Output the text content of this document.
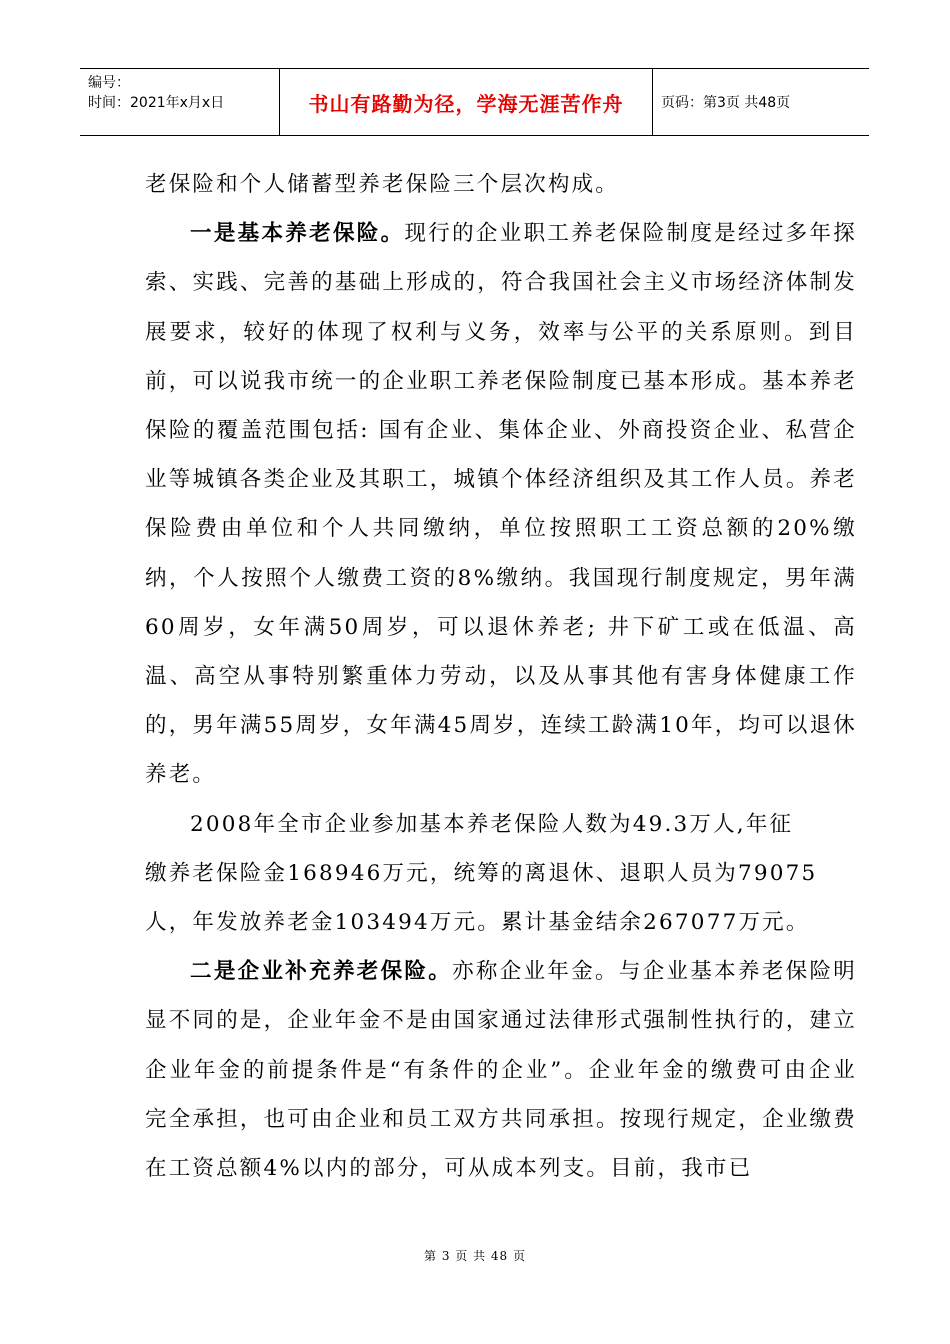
编号：
时间：2021年x月x日	书山有路勤为径，学海无涯苦作舟	页码：第3页 共48页

老保险和个人储蓄型养老保险三个层次构成。

一是基本养老保险。现行的企业职工养老保险制度是经过多年探索、实践、完善的基础上形成的，符合我国社会主义市场经济体制发展要求，较好的体现了权利与义务，效率与公平的关系原则。到目前，可以说我市统一的企业职工养老保险制度已基本形成。基本养老保险的覆盖范围包括: 国有企业、集体企业、外商投资企业、私营企业等城镇各类企业及其职工，城镇个体经济组织及其工作人员。养老保险费由单位和个人共同缴纳，单位按照职工工资总额的20%缴纳，个人按照个人缴费工资的8%缴纳。我国现行制度规定，男年满60周岁，女年满50周岁，可以退休养老; 井下矿工或在低温、高温、高空从事特别繁重体力劳动，以及从事其他有害身体健康工作的，男年满55周岁，女年满45周岁，连续工龄满10年，均可以退休养老。

2008年全市企业参加基本养老保险人数为49.3万人,年征

缴养老保险金168946万元，统筹的离退休、退职人员为79075

人，年发放养老金103494万元。累计基金结余267077万元。

二是企业补充养老保险。亦称企业年金。与企业基本养老保险明显不同的是，企业年金不是由国家通过法律形式强制性执行的，建立企业年金的前提条件是“有条件的企业”。企业年金的缴费可由企业完全承担，也可由企业和员工双方共同承担。按现行规定，企业缴费在工资总额4%以内的部分，可从成本列支。目前，我市已

第 3 页 共 48 页
